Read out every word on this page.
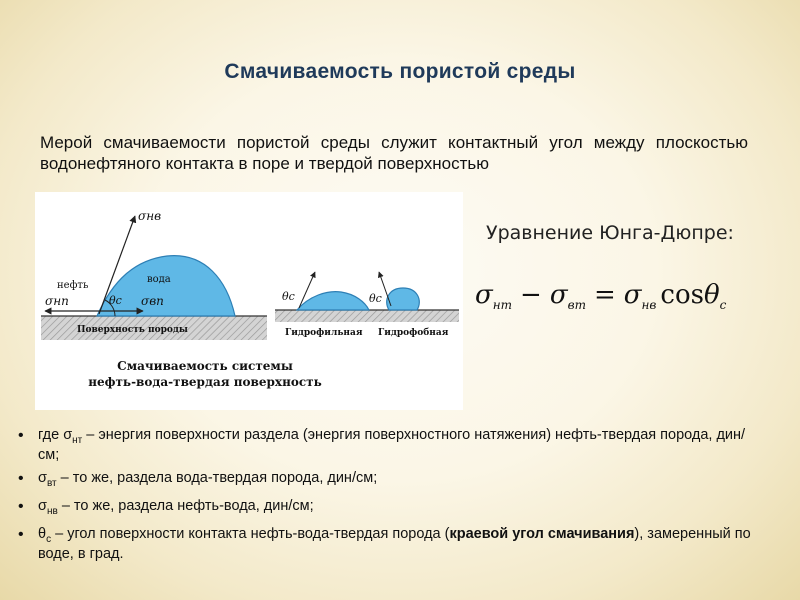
Смачиваемость пористой среды
Мерой смачиваемости пористой среды служит контактный угол между плоскостью водонефтяного контакта в поре и твердой поверхностью
σнв
нефть
вода
σнп	θс σвп
Поверхность породы
θс	θс
Гидрофильная Гидрофобная
Смачиваемость системы
нефть-вода-твердая поверхность
Уравнение Юнга-Дюпре:
$\sigma_{нт} - \sigma_{вт} = \sigma_{нв}$ cosθ$_c$
• где $\sigma_{нт}$ – энергия поверхности раздела (энергия поверхностного натяжения) нефть-твердая порода, дин/см;
• $\sigma_{вт}$ – то же, раздела вода-твердая порода, дин/см;
• $\sigma_{нв}$ – то же, раздела нефть-вода, дин/см;
• $\theta_с$ – угол поверхности контакта нефть-вода-твердая порода (краевой угол смачивания), замеренный по воде, в град.
